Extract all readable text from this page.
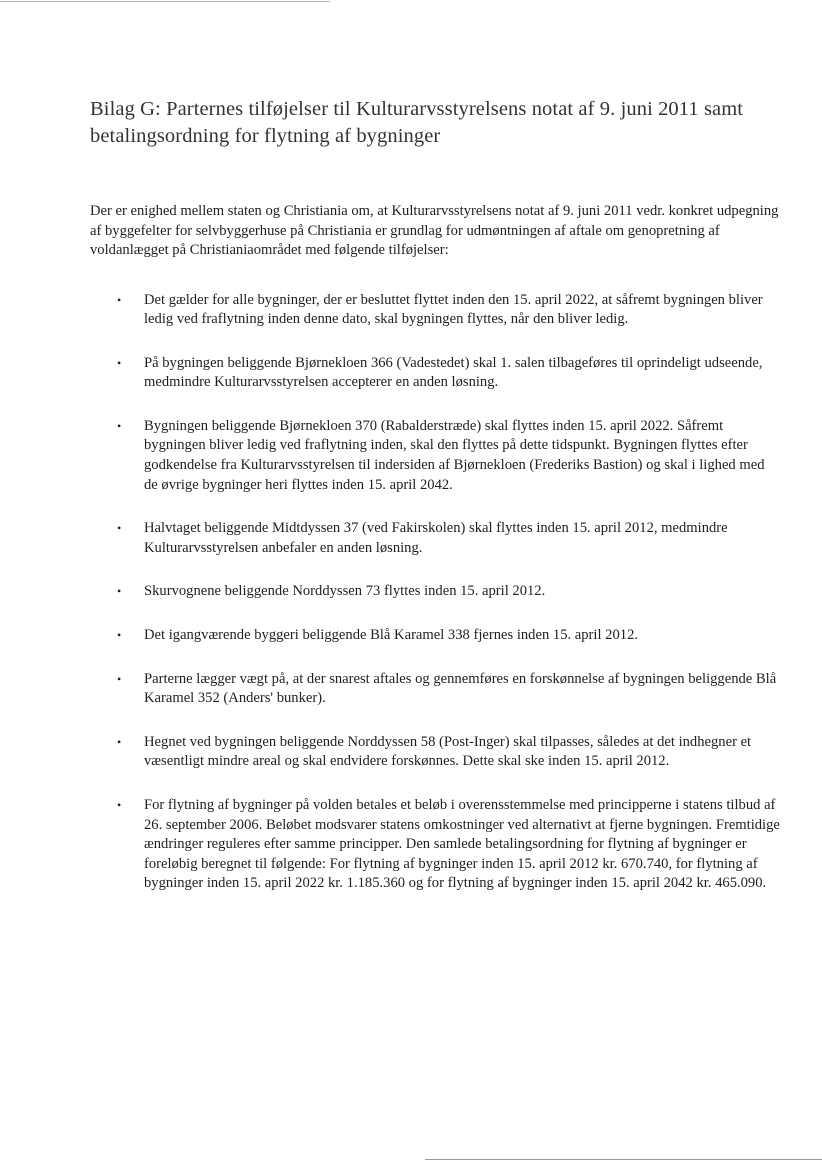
Bilag G: Parternes tilføjelser til Kulturarvsstyrelsens notat af 9. juni 2011 samt
betalingsordning for flytning af bygninger

Der er enighed mellem staten og Christiania om, at Kulturarvsstyrelsens notat af 9. juni 2011 vedr. konkret udpegning af byggefelter for selvbyggerhuse på Christiania er grundlag for udmøntningen af aftale om genopretning af voldanlægget på Christianiaområdet med følgende tilføjelser:

• Det gælder for alle bygninger, der er besluttet flyttet inden den 15. april 2022, at såfremt bygningen bliver ledig ved fraflytning inden denne dato, skal bygningen flyttes, når den bliver ledig.
• På bygningen beliggende Bjørnekloen 366 (Vadestedet) skal 1. salen tilbageføres til oprindeligt udseende, medmindre Kulturarvsstyrelsen accepterer en anden løsning.
• Bygningen beliggende Bjørnekloen 370 (Rabalderstræde) skal flyttes inden 15. april 2022. Såfremt bygningen bliver ledig ved fraflytning inden, skal den flyttes på dette tidspunkt. Bygningen flyttes efter godkendelse fra Kulturarvsstyrelsen til indersiden af Bjørnekloen (Frederiks Bastion) og skal i lighed med de øvrige bygninger heri flyttes inden 15. april 2042.
• Halvtaget beliggende Midtdyssen 37 (ved Fakirskolen) skal flyttes inden 15. april 2012, medmindre Kulturarvsstyrelsen anbefaler en anden løsning.
• Skurvognene beliggende Norddyssen 73 flyttes inden 15. april 2012.
• Det igangværende byggeri beliggende Blå Karamel 338 fjernes inden 15. april 2012.
• Parterne lægger vægt på, at der snarest aftales og gennemføres en forskønnelse af bygningen beliggende Blå Karamel 352 (Anders' bunker).
• Hegnet ved bygningen beliggende Norddyssen 58 (Post-Inger) skal tilpasses, således at det indhegner et væsentligt mindre areal og skal endvidere forskønnes. Dette skal ske inden 15. april 2012.
• For flytning af bygninger på volden betales et beløb i overensstemmelse med principperne i statens tilbud af 26. september 2006. Beløbet modsvarer statens omkostninger ved alternativt at fjerne bygningen. Fremtidige ændringer reguleres efter samme principper. Den samlede betalingsordning for flytning af bygninger er foreløbig beregnet til følgende: For flytning af bygninger inden 15. april 2012 kr. 670.740, for flytning af bygninger inden 15. april 2022 kr. 1.185.360 og for flytning af bygninger inden 15. april 2042 kr. 465.090.
